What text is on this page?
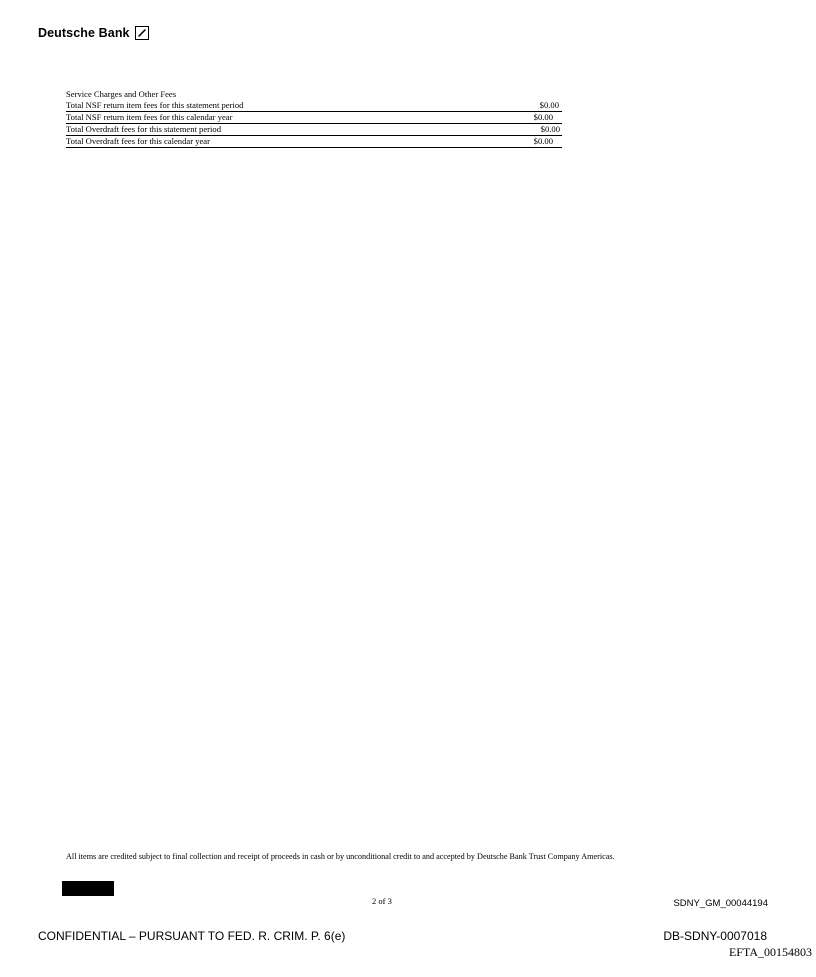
Deutsche Bank
Service Charges and Other Fees
Total NSF return item fees for this statement period	$0.00
Total NSF return item fees for this calendar year	$0.00
Total Overdraft fees for this statement period	$0.00
Total Overdraft fees for this calendar year	$0.00
All items are credited subject to final collection and receipt of proceeds in cash or by unconditional credit to and accepted by Deutsche Bank Trust Company Americas.
2 of 3	SDNY_GM_00044194
CONFIDENTIAL – PURSUANT TO FED. R. CRIM. P. 6(e)	DB-SDNY-0007018
EFTA_00154803
